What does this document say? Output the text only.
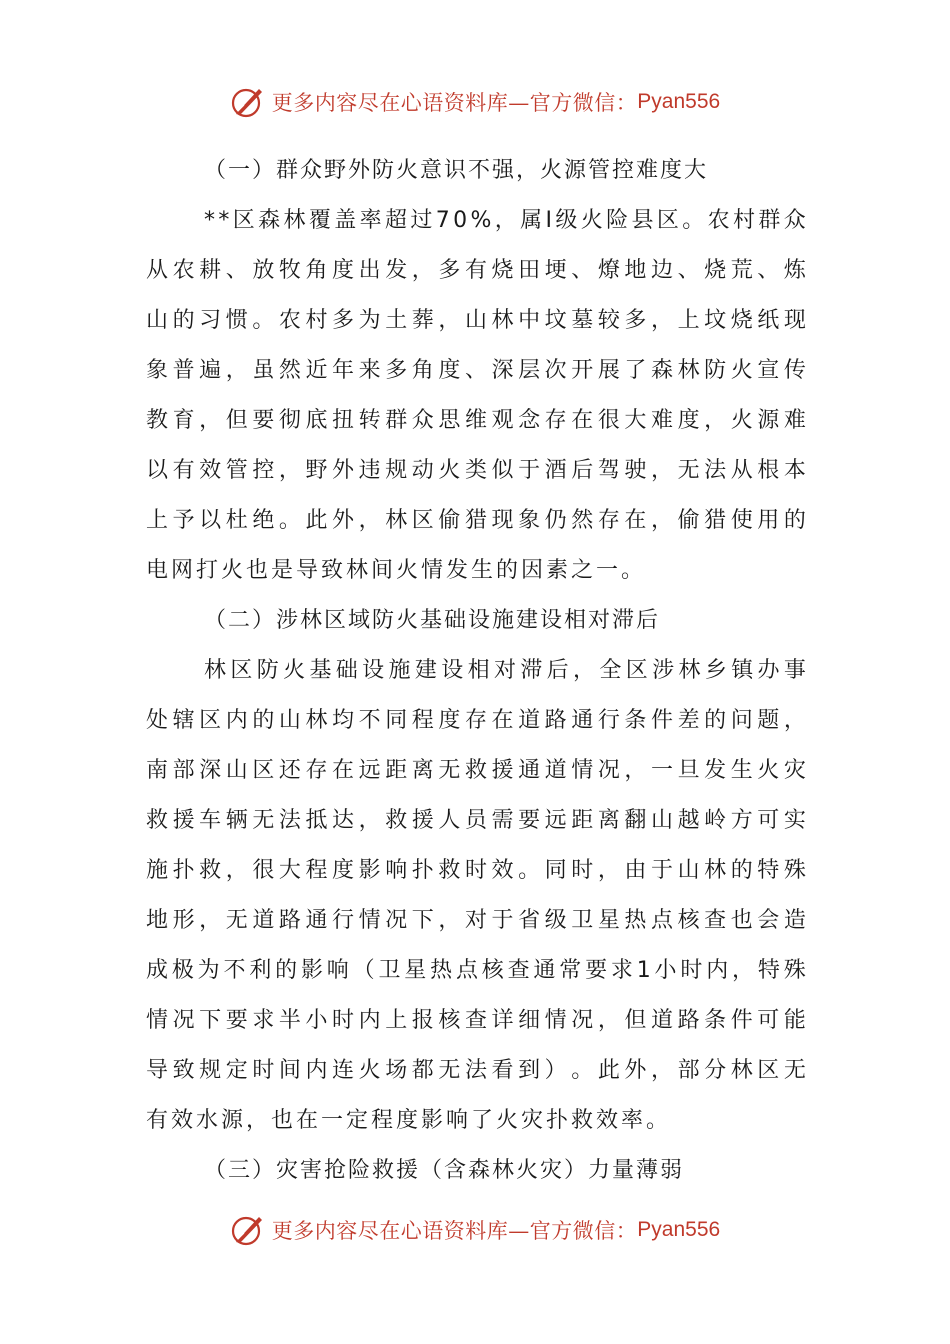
更多内容尽在心语资料库—官方微信： Pyan556
（一）群众野外防火意识不强，火源管控难度大
* * 区 森 林 覆 盖 率 超 过 7 0 % ， 属 Ⅰ 级 火 险 县 区 。 农 村 群 众
从 农 耕 、 放 牧 角 度 出 发 ， 多 有 烧 田 埂 、 燎 地 边 、 烧 荒 、 炼
山 的 习 惯 。 农 村 多 为 土 葬 ， 山 林 中 坟 墓 较 多 ， 上 坟 烧 纸 现
象 普 遍 ， 虽 然 近 年 来 多 角 度 、 深 层 次 开 展 了 森 林 防 火 宣 传
教 育 ， 但 要 彻 底 扭 转 群 众 思 维 观 念 存 在 很 大 难 度 ， 火 源 难
以 有 效 管 控 ， 野 外 违 规 动 火 类 似 于 酒 后 驾 驶 ， 无 法 从 根 本
上 予 以 杜 绝 。 此 外 ， 林 区 偷 猎 现 象 仍 然 存 在 ， 偷 猎 使 用 的
电网打火也是导致林间火情发生的因素之一。
（二）涉林区域防火基础设施建设相对滞后
林 区 防 火 基 础 设 施 建 设 相 对 滞 后 ， 全 区 涉 林 乡 镇 办 事
处 辖 区 内 的 山 林 均 不 同 程 度 存 在 道 路 通 行 条 件 差 的 问 题 ，
南 部 深 山 区 还 存 在 远 距 离 无 救 援 通 道 情 况 ， 一 旦 发 生 火 灾
救 援 车 辆 无 法 抵 达 ， 救 援 人 员 需 要 远 距 离 翻 山 越 岭 方 可 实
施 扑 救 ， 很 大 程 度 影 响 扑 救 时 效 。 同 时 ， 由 于 山 林 的 特 殊
地 形 ， 无 道 路 通 行 情 况 下 ， 对 于 省 级 卫 星 热 点 核 查 也 会 造
成 极 为 不 利 的 影 响 （ 卫 星 热 点 核 查 通 常 要 求 1 小 时 内 ， 特 殊
情 况 下 要 求 半 小 时 内 上 报 核 查 详 细 情 况 ， 但 道 路 条 件 可 能
导 致 规 定 时 间 内 连 火 场 都 无 法 看 到 ） 。 此 外 ， 部 分 林 区 无
有效水源，也在一定程度影响了火灾扑救效率。
（三）灾害抢险救援（含森林火灾）力量薄弱
更多内容尽在心语资料库—官方微信： Pyan556
